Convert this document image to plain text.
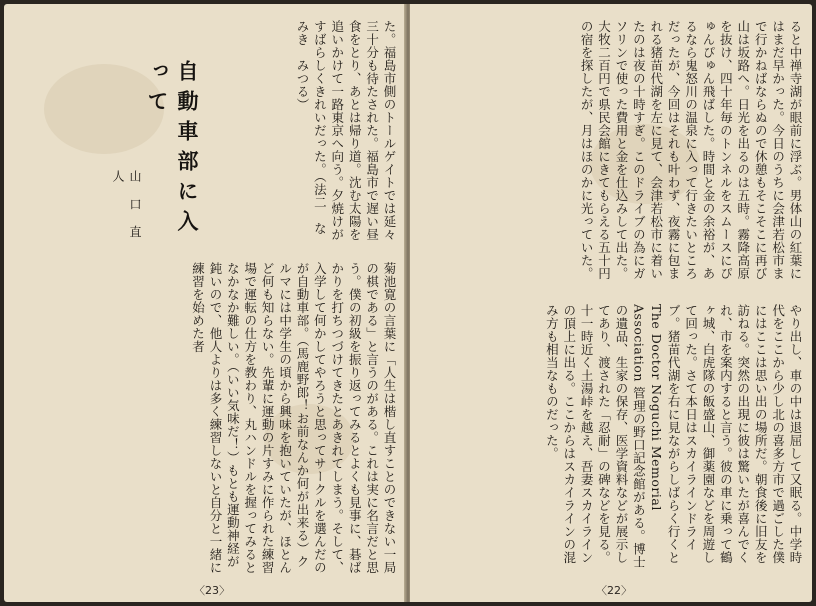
た。福島市側のトールゲイトでは延々三十分も待たされた。福島市で遅い昼食をとり、あとは帰り道。沈む太陽を追いかけて一路東京へ向う。夕焼けがすばらしくきれいだった。（法二　なみき　みつる）
自動車部に入って
山 口 直 人
菊池寛の言葉に「人生は楷し直すことのできない一局の棋である」と言うのがある。これは実に名言だと思う。僕の初級を振り返ってみるとよくも見事に、碁ばかりを打ちつづけてきたとあきれてしまう。そして、入学して何かしてやろうと思ってサークルを選んだのが自動車部。（馬鹿野郎！お前なんか何が出来る）クルマには中学生の頃から興味を抱いていたが、ほとんど何も知らない。先輩に運動の片すみに作られた練習場で運転の仕方を教わり、丸ハンドルを握ってみるとなかなか難しい。（いい気味だ！）もとも運動神経が鈍いので、他人よりは多く練習しないと自分と一緒に練習を始めた者
〈23〉
ると中禅寺湖が眼前に浮ぶ。男体山の紅葉にはまだ早かった。今日のうちに会津若松市まで行かねばならぬので休憩もそこそこに再び山は坂路へ。日光を出るのは五時。霧降高原を抜け、四十年毎のトンネルをスムースにぴゅんぴゅん飛ばした。時間と金の余裕が、あるなら鬼怒川の温泉に入って行きたいところだったが、今回はそれも叶わず、夜霧に包まれる猪苗代湖を左に見て、会津若松市に着いたのは夜の十時すぎ。このドライブの為にガソリンで使った費用と金を仕込みして出た。大牧二百円で県民会館にきてもらえる五十円の宿を探したが、月はほのかに光っていた。
やり出し、車の中は退屈して又眠る。中学時代をここから少し北の喜多方市で過ごした僕にはここは思い出の場所だ。朝食後に旧友を訪ねる。突然の出現に彼は驚いたが喜んでくれ、市を案内すると言う。彼の車に乗って鶴ヶ城、白虎隊の飯盛山、御薬園などを周遊して回った。さて本日はスカイラインドライブ。猪苗代湖を右に見ながらしばらく行くと The Doctor Noguchi Memorial Association 管理の野口記念館がある。博士の遺品、生家の保存、医学資料などが展示してあり、渡された「忍耐」の碑などを見る。十一時近く土湯峠を越え、吾妻スカイラインの頂上に出る。ここからはスカイラインの混み方も相当なものだった。
〈22〉
